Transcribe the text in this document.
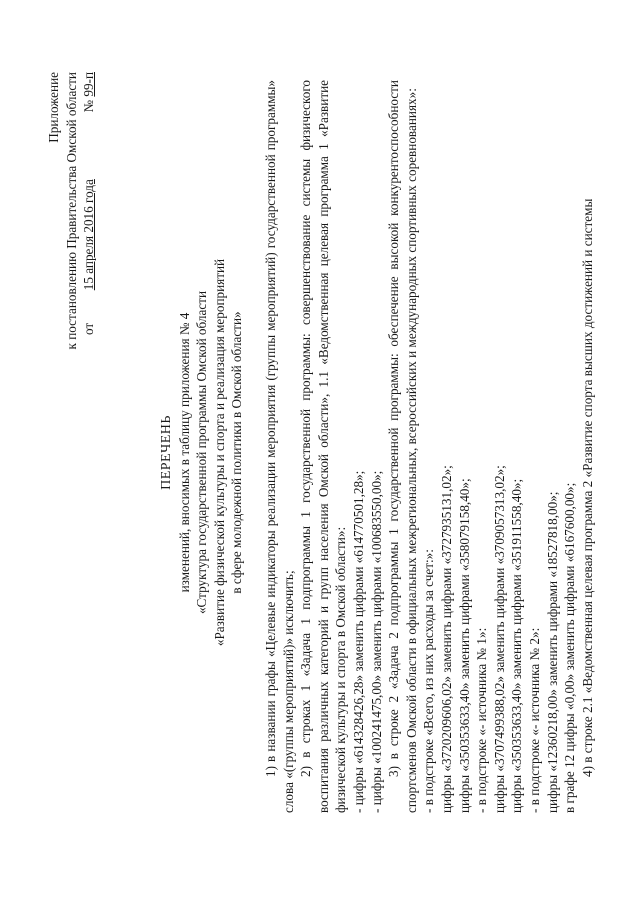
Приложение к постановлению Правительства Омской области от  15 апреля 2016 года  № 99-п
ПЕРЕЧЕНЬ изменений, вносимых в таблицу приложения № 4 «Структура государственной программы Омской области «Развитие физической культуры и спорта и реализация мероприятий в сфере молодежной политики в Омской области» 1) в названии графы «Целевые индикаторы реализации мероприятия (группы мероприятий) государственной программы» слова «(группы мероприятий)» исключить; 2) в строках 1 «Задача 1 подпрограммы 1 государственной программы: совершенствование системы физического воспитания различных категорий и групп населения Омской области», 1.1 «Ведомственная целевая программа 1 «Развитие физической культуры и спорта в Омской области»: - цифры «614328426,28» заменить цифрами «614770501,28»; - цифры «100241475,00» заменить цифрами «100683550,00»; 3) в строке 2 «Задача 2 подпрограммы 1 государственной программы: обеспечение высокой конкурентоспособности спортсменов Омской области в официальных межрегиональных, всероссийских и международных спортивных соревнованиях»: - в подстроке «Всего, из них расходы за счет:»: цифры «3720209606,02» заменить цифрами «3727935131,02»; цифры «350353633,40» заменить цифрами «358079158,40»; - в подстроке «- источника № 1»: цифры «3707499388,02» заменить цифрами «3709057313,02»; цифры «350353633,40» заменить цифрами «351911558,40»; - в подстроке «- источника № 2»: цифры «12360218,00» заменить цифрами «18527818,00»; в графе 12 цифры «0,00» заменить цифрами «6167600,00»; 4) в строке 2.1 «Ведомственная целевая программа 2 «Развитие спорта высших достижений и системы
